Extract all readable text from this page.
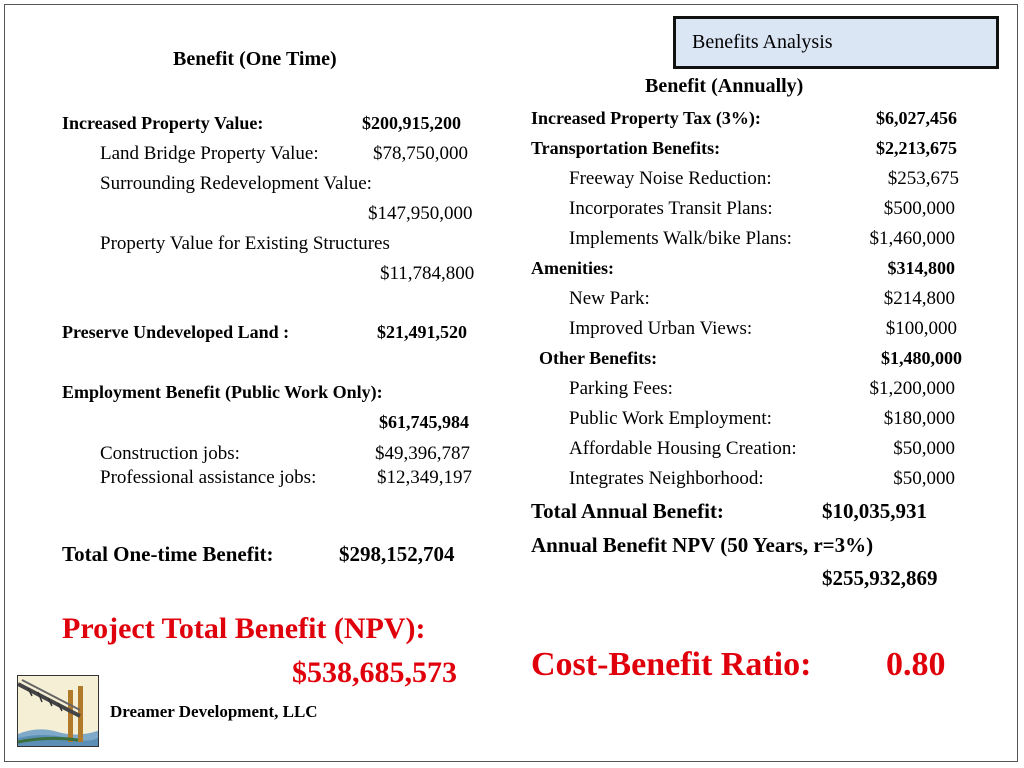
Benefits Analysis
Benefit (One Time)
Increased Property Value:	$200,915,200
Land Bridge Property Value:	$78,750,000
Surrounding Redevelopment Value:
$147,950,000
Property Value for Existing Structures
$11,784,800
Preserve Undeveloped Land :	$21,491,520
Employment Benefit (Public Work Only):
$61,745,984
Construction jobs:	$49,396,787
Professional assistance jobs:	$12,349,197
Total One-time Benefit:	$298,152,704
Project Total Benefit (NPV):
$538,685,573
Benefit (Annually)
Increased Property Tax (3%):	$6,027,456
Transportation Benefits:	$2,213,675
Freeway Noise Reduction:	$253,675
Incorporates Transit Plans:	$500,000
Implements Walk/bike Plans:	$1,460,000
Amenities:	$314,800
New Park:	$214,800
Improved Urban Views:	$100,000
Other Benefits:	$1,480,000
Parking Fees:	$1,200,000
Public Work Employment:	$180,000
Affordable Housing Creation:	$50,000
Integrates Neighborhood:	$50,000
Total Annual Benefit:	$10,035,931
Annual Benefit NPV (50 Years, r=3%)
$255,932,869
Cost-Benefit Ratio: 0.80
Dreamer Development, LLC
